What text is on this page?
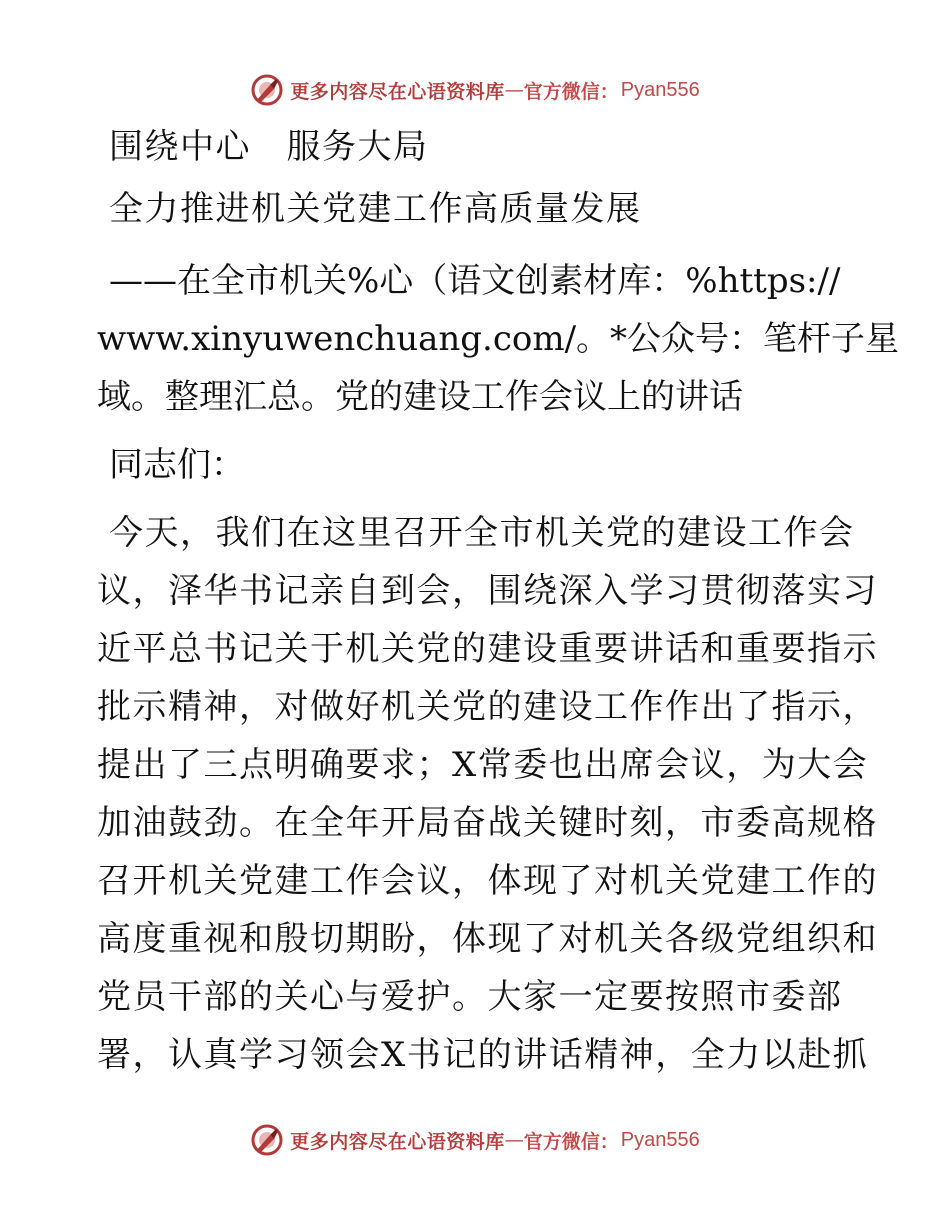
更多内容尽在心语资料库 — 官方微信： Pyan556

围绕中心　服务大局

全力推进机关党建工作高质量发展

——在全市机关%心（语文创素材库：%https://

www.xinyuwenchuang.com/。*公众号：笔杆子星

域。整理汇总。党的建设工作会议上的讲话

同志们：

今天，我们在这里召开全市机关党的建设工作会

议，泽华书记亲自到会，围绕深入学习贯彻落实习

近平总书记关于机关党的建设重要讲话和重要指示

批示精神，对做好机关党的建设工作作出了指示，

提出了三点明确要求；X常委也出席会议，为大会

加油鼓劲。在全年开局奋战关键时刻，市委高规格

召开机关党建工作会议，体现了对机关党建工作的

高度重视和殷切期盼，体现了对机关各级党组织和

党员干部的关心与爱护。大家一定要按照市委部

署，认真学习领会X书记的讲话精神，全力以赴抓

更多内容尽在心语资料库 — 官方微信： Pyan556
